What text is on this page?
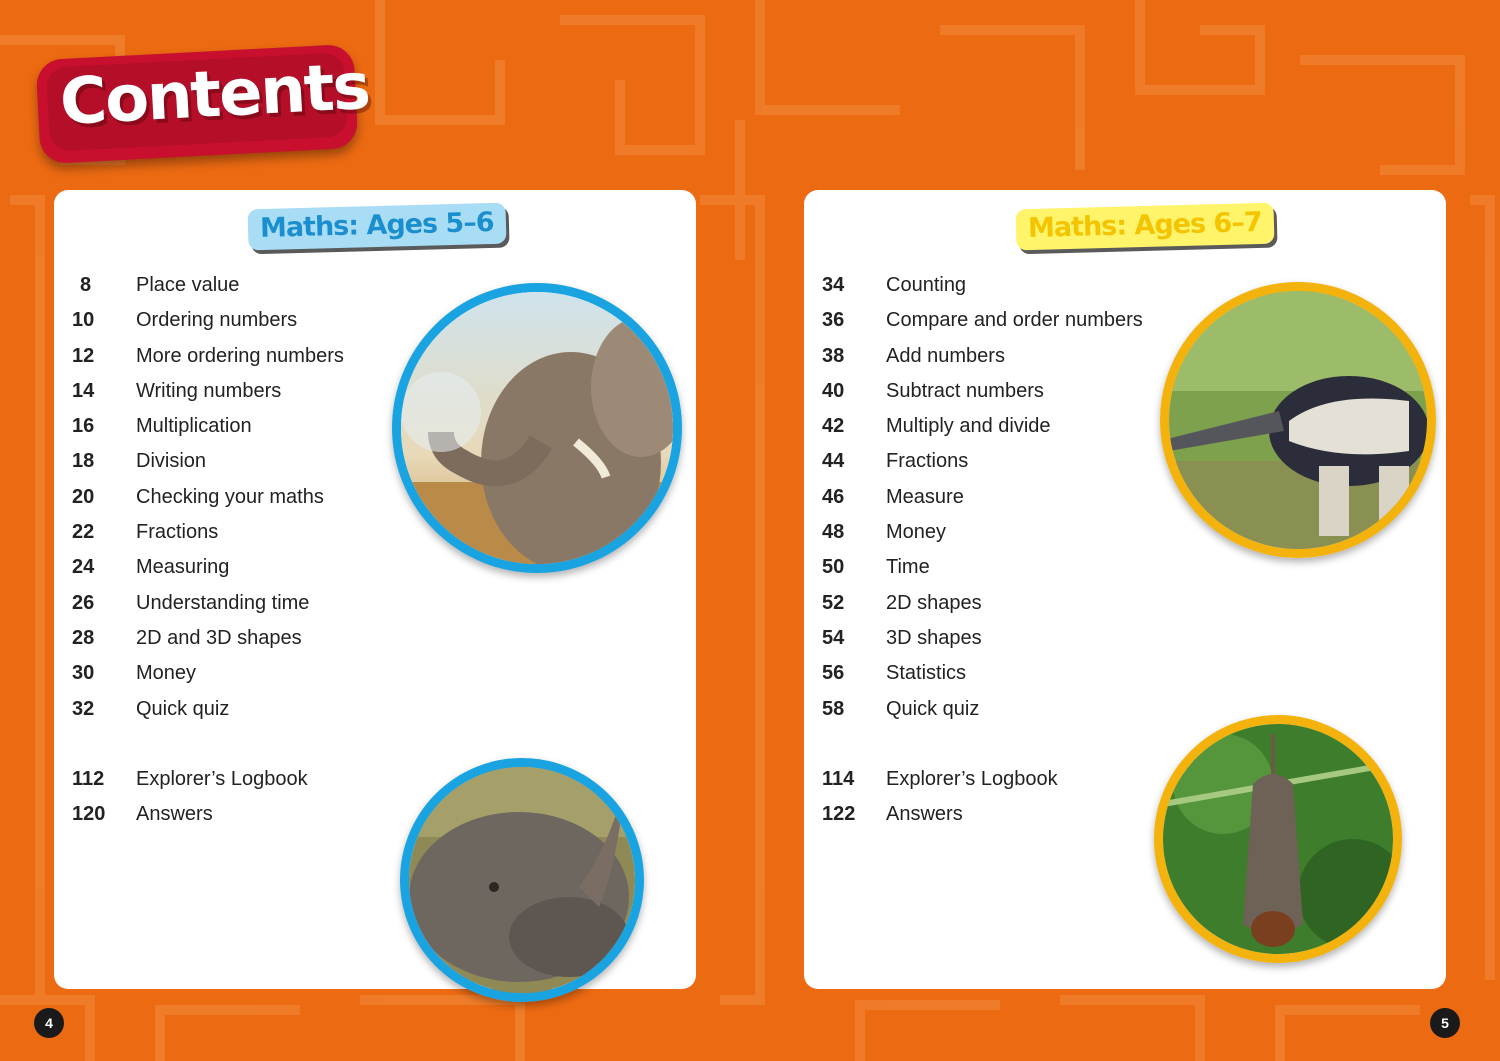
Contents
Maths: Ages 5–6
8	Place value
10	Ordering numbers
12	More ordering numbers
14	Writing numbers
16	Multiplication
18	Division
20	Checking your maths
22	Fractions
24	Measuring
26	Understanding time
28	2D and 3D shapes
30	Money
32	Quick quiz
112	Explorer’s Logbook
120	Answers
4
Maths: Ages 6–7
34	Counting
36	Compare and order numbers
38	Add numbers
40	Subtract numbers
42	Multiply and divide
44	Fractions
46	Measure
48	Money
50	Time
52	2D shapes
54	3D shapes
56	Statistics
58	Quick quiz
114	Explorer’s Logbook
122	Answers
5
